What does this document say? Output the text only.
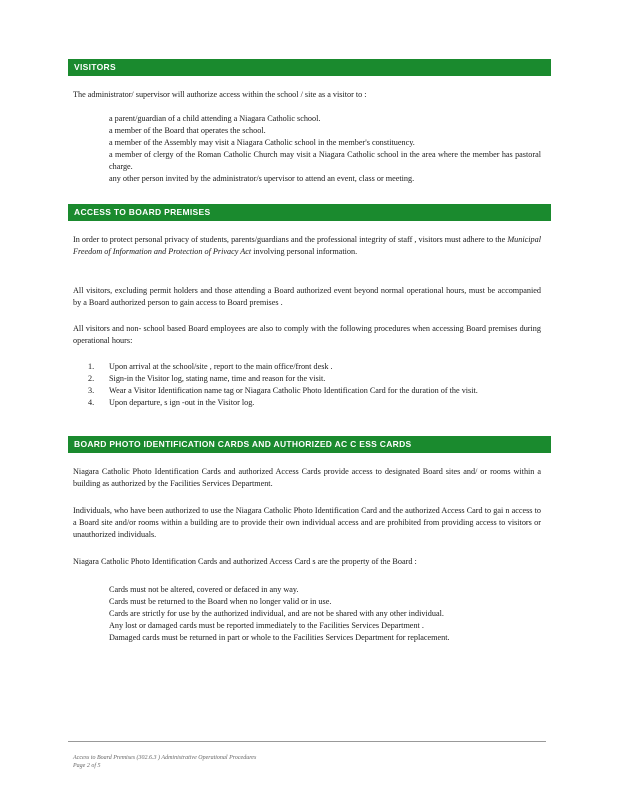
VISITORS
The administrator/ supervisor will authorize access within the school / site as a visitor to :
a parent/guardian of a child attending a Niagara Catholic school.
a member of the Board that operates the school.
a member of the Assembly may visit a Niagara Catholic school in the member's constituency.
a member of clergy of the Roman Catholic Church may visit a Niagara Catholic school in the area where the member has pastoral charge.
any other person invited by the administrator/s upervisor to attend an event, class or meeting.
ACCESS TO BOARD PREMISES
In order to protect personal privacy of students, parents/guardians and the professional integrity of staff , visitors must adhere to the Municipal Freedom of Information and Protection of Privacy Act involving personal information.
All visitors, excluding permit holders and those attending a Board authorized event beyond normal operational hours, must be accompanied by a Board authorized person to gain access to Board premises .
All visitors and non- school based Board employees are also to comply with the following procedures when accessing Board premises during operational hours:
1.	Upon arrival at the school/site , report to the main office/front desk .
2.	Sign-in the Visitor log, stating name, time and reason for the visit.
3.	Wear a Visitor Identification name tag or Niagara Catholic Photo Identification Card for the duration of the visit.
4.	Upon departure, s ign -out in the Visitor log.
BOARD PHOTO IDENTIFICATION CARDS AND AUTHORIZED AC C ESS CARDS
Niagara Catholic Photo Identification Cards and authorized Access Cards provide access to designated Board sites and/ or rooms within a building as authorized by the Facilities Services Department.
Individuals, who have been authorized to use the Niagara Catholic Photo Identification Card and the authorized Access Card to gai n access to a Board site and/or rooms within a building are to provide their own individual access and are prohibited from providing access to visitors or unauthorized individuals.
Niagara Catholic Photo Identification Cards and authorized Access Card s are the property of the Board :
Cards must not be altered, covered or defaced in any way.
Cards must be returned to the Board when no longer valid or in use.
Cards are strictly for use by the authorized individual, and are not be shared with any other individual.
Any lost or damaged cards must be reported immediately to the Facilities Services Department .
Damaged cards must be returned in part or whole to the Facilities Services Department for replacement.
Access to Board Premises (302.6.3 ) Administrative Operational Procedures
Page 2 of 5
